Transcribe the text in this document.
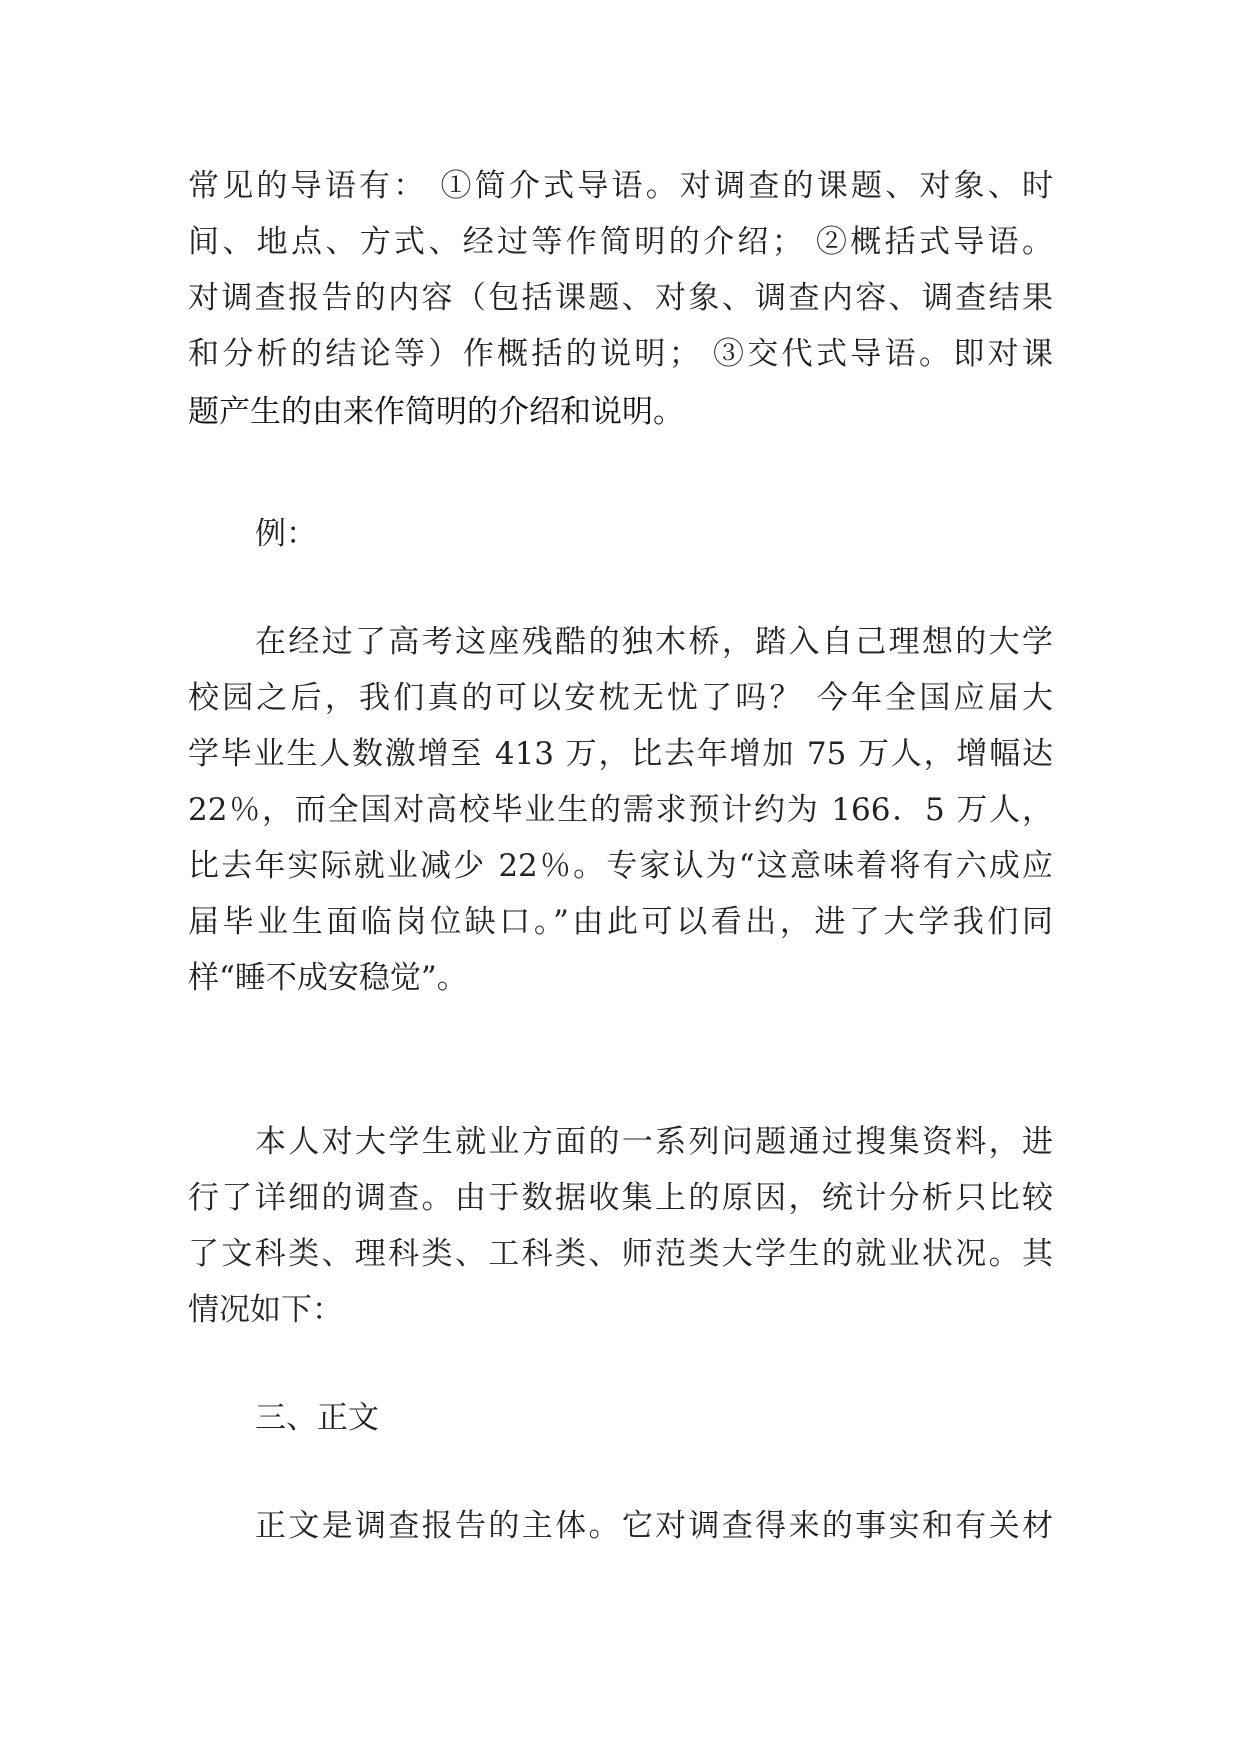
常见的导语有： ①简介式导语。对调查的课题、对象、时
间、地点、方式、经过等作简明的介绍； ②概括式导语。
对调查报告的内容（包括课题、对象、调查内容、调查结果
和分析的结论等）作概括的说明； ③交代式导语。即对课
题产生的由来作简明的介绍和说明。󠀠
例：
在经过了高考这座残酷的独木桥，踏入自己理想的大学
校园之后，我们真的可以安枕无忧了吗？ 今年全国应届大
学毕业生人数激增至 413 万，比去年增加 75 万人，增幅达
22％，而全国对高校毕业生的需求预计约为 166．5 万人，
比去年实际就业减少 22％。专家认为“这意味着将有六成应
届毕业生面临岗位缺口。”由此可以看出，进了大学我们同
样“睡不成安稳觉”。
本人对大学生就业方面的一系列问题通过搜集资料，进
行了详细的调查。由于数据收集上的原因，统计分析只比较
了文科类、理科类、工科类、师范类大学生的就业状况。其
情况如下：
三、正文
正文是调查报告的主体。它对调查得来的事实和有关材
